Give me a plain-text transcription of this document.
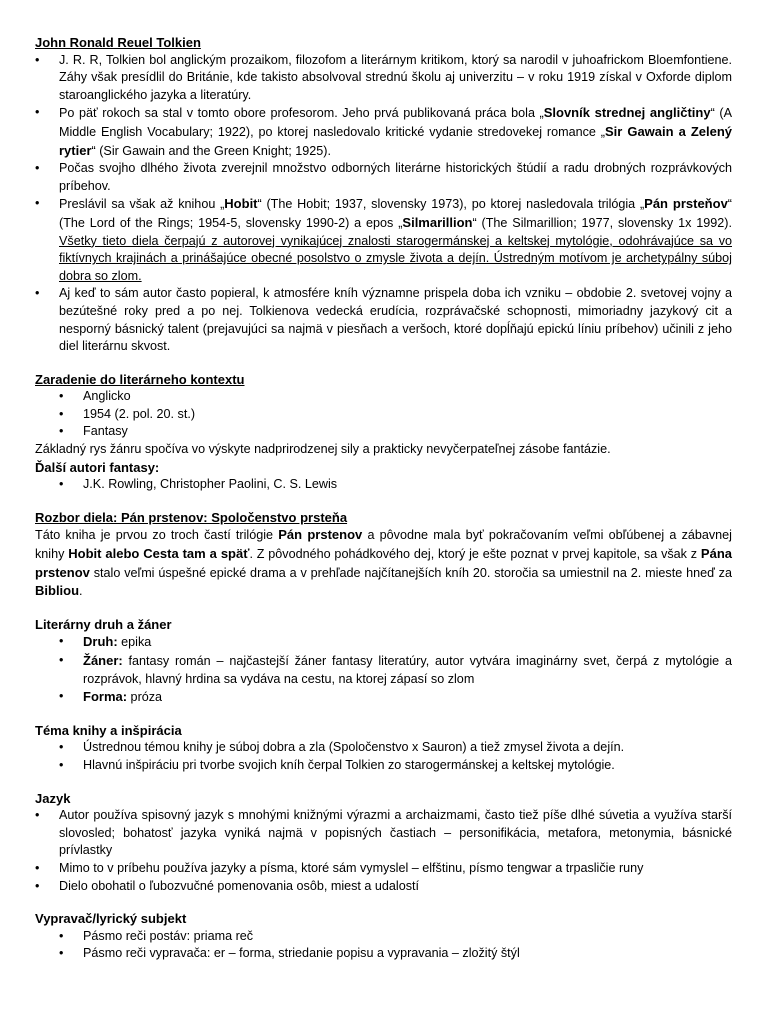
John Ronald Reuel Tolkien
• J. R. R, Tolkien bol anglickým prozaikom, filozofom a literárnym kritikom, ktorý sa narodil v juhoafrickom Bloemfontiene. Záhy však presídlil do Británie, kde takisto absolvoval strednú školu aj univerzitu – v roku 1919 získal v Oxforde diplom staroanglického jazyka a literatúry.
• Po päť rokoch sa stal v tomto obore profesorom. Jeho prvá publikovaná práca bola „Slovník strednej angličtiny“ (A Middle English Vocabulary; 1922), po ktorej nasledovalo kritické vydanie stredovekej romance „Sir Gawain a Zelený rytier“ (Sir Gawain and the Green Knight; 1925).
• Počas svojho dlhého života zverejnil množstvo odborných literárne historických štúdií a radu drobných rozprávkových príbehov.
• Preslávil sa však až knihou „Hobit“ (The Hobit; 1937, slovensky 1973), po ktorej nasledovala trilógia „Pán prsteňov“ (The Lord of the Rings; 1954-5, slovensky 1990-2) a epos „Silmarillion“ (The Silmarillion; 1977, slovensky 1x 1992). Všetky tieto diela čerpajú z autorovej vynikajúcej znalosti starogermánskej a keltskej mytológie, odohrávajúce sa vo fiktívnych krajinách a prinášajúce obecné posolstvo o zmysle života a dejín. Ústredným motívom je archetypálny súboj dobra so zlom.
• Aj keď to sám autor často popieral, k atmosfére kníh významne prispela doba ich vzniku – obdobie 2. svetovej vojny a bezútešné roky pred a po nej. Tolkienova vedecká erudícia, rozprávačské schopnosti, mimoriadny jazykový cit a nesporný básnický talent (prejavujúci sa najmä v piesňach a veršoch, ktoré dopĺňajú epickú líniu príbehov) učinili z jeho diel literárnu skvost.
Zaradenie do literárneho kontextu
• Anglicko
• 1954 (2. pol. 20. st.)
• Fantasy

Základný rys žánru spočíva vo výskyte nadprirodzenej sily a prakticky nevyčerpateľnej zásobe fantázie.

Ďalší autori fantasy:
• J.K. Rowling, Christopher Paolini, C. S. Lewis
Rozbor diela: Pán prstenov: Spoločenstvo prsteňa

Táto kniha je prvou zo troch častí trilógie Pán prstenov a pôvodne mala byť pokračovaním veľmi obľúbenej a zábavnej knihy Hobit alebo Cesta tam a späť. Z pôvodného pohádkového dej, ktorý je ešte poznat v prvej kapitole, sa však z Pána prstenov stalo veľmi úspešné epické drama a v prehľade najčítanejších kníh 20. storočia sa umiestnil na 2. mieste hneď za Bibliou.

Literárny druh a žáner
• Druh: epika
• Žáner: fantasy román – najčastejší žáner fantasy literatúry, autor vytvára imaginárny svet, čerpá z mytológie a rozprávok, hlavný hrdina sa vydáva na cestu, na ktorej zápasí so zlom
• Forma: próza
Téma knihy a inšpirácia
• Ústrednou témou knihy je súboj dobra a zla (Spoločenstvo x Sauron) a tiež zmysel života a dejín.
• Hlavnú inšpiráciu pri tvorbe svojich kníh čerpal Tolkien zo starogermánskej a keltskej mytológie.
Jazyk
• Autor používa spisovný jazyk s mnohými knižnými výrazmi a archaizmami, často tiež píše dlhé súvetia a využíva starší slovosled; bohatosť jazyka vyniká najmä v popisných častiach – personifikácia, metafora, metonymia, básnické prívlastky
• Mimo to v príbehu používa jazyky a písma, ktoré sám vymyslel – elfštinu, písmo tengwar a trpasličie runy
• Dielo obohatil o ľubozvučné pomenovania osôb, miest a udalostí
Vypravač/lyrický subjekt
• Pásmo reči postáv: priama reč
• Pásmo reči vypravača: er – forma, striedanie popisu a vypravania – zložitý štýl
